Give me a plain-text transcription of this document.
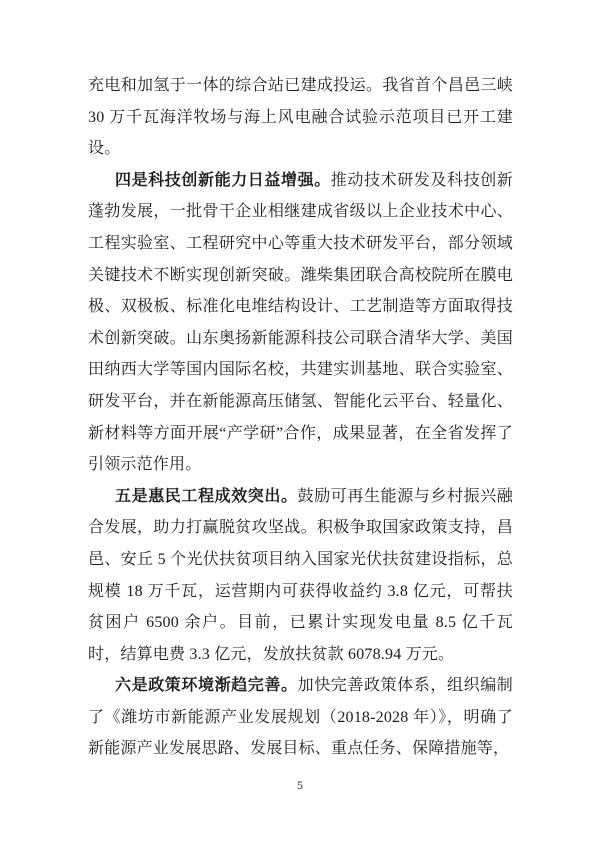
充电和加氢于一体的综合站已建成投运。我省首个昌邑三峡 30 万千瓦海洋牧场与海上风电融合试验示范项目已开工建设。

四是科技创新能力日益增强。推动技术研发及科技创新蓬勃发展，一批骨干企业相继建成省级以上企业技术中心、工程实验室、工程研究中心等重大技术研发平台，部分领域关键技术不断实现创新突破。潍柴集团联合高校院所在膜电极、双极板、标准化电堆结构设计、工艺制造等方面取得技术创新突破。山东奥扬新能源科技公司联合清华大学、美国田纳西大学等国内国际名校，共建实训基地、联合实验室、研发平台，并在新能源高压储氢、智能化云平台、轻量化、新材料等方面开展“产学研”合作，成果显著，在全省发挥了引领示范作用。

五是惠民工程成效突出。鼓励可再生能源与乡村振兴融合发展，助力打赢脱贫攻坚战。积极争取国家政策支持，昌邑、安丘 5 个光伏扶贫项目纳入国家光伏扶贫建设指标，总规模 18 万千瓦，运营期内可获得收益约 3.8 亿元，可帮扶贫困户 6500 余户。目前，已累计实现发电量 8.5 亿千瓦时，结算电费 3.3 亿元，发放扶贫款 6078.94 万元。

六是政策环境渐趋完善。加快完善政策体系，组织编制了《潍坊市新能源产业发展规划（2018-2028 年）》，明确了新能源产业发展思路、发展目标、重点任务、保障措施等，

5
